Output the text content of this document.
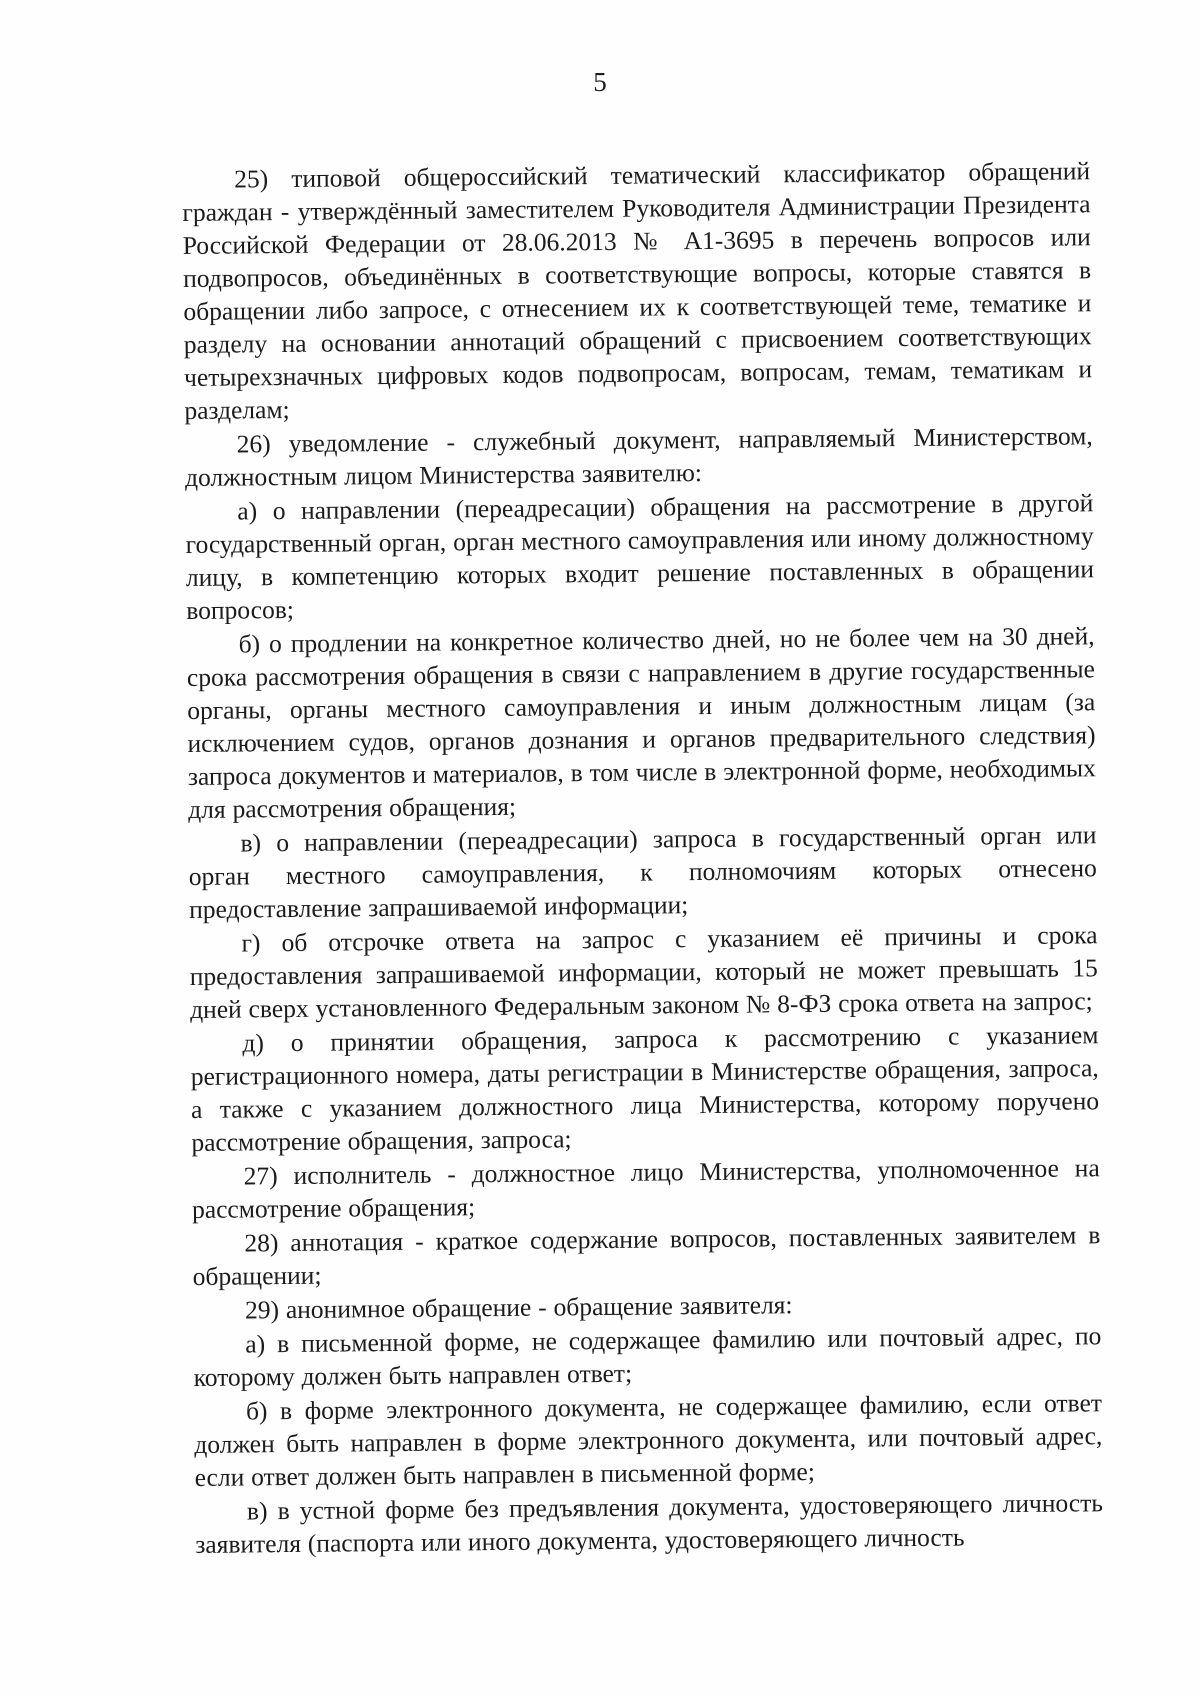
5

25) типовой общероссийский тематический классификатор обращений граждан - утверждённый заместителем Руководителя Администрации Президента Российской Федерации от 28.06.2013 № А1-3695 в перечень вопросов или подвопросов, объединённых в соответствующие вопросы, которые ставятся в обращении либо запросе, с отнесением их к соответствующей теме, тематике и разделу на основании аннотаций обращений с присвоением соответствующих четырехзначных цифровых кодов подвопросам, вопросам, темам, тематикам и разделам;

26) уведомление - служебный документ, направляемый Министерством, должностным лицом Министерства заявителю:

а) о направлении (переадресации) обращения на рассмотрение в другой государственный орган, орган местного самоуправления или иному должностному лицу, в компетенцию которых входит решение поставленных в обращении вопросов;

б) о продлении на конкретное количество дней, но не более чем на 30 дней, срока рассмотрения обращения в связи с направлением в другие государственные органы, органы местного самоуправления и иным должностным лицам (за исключением судов, органов дознания и органов предварительного следствия) запроса документов и материалов, в том числе в электронной форме, необходимых для рассмотрения обращения;

в) о направлении (переадресации) запроса в государственный орган или орган местного самоуправления, к полномочиям которых отнесено предоставление запрашиваемой информации;

г) об отсрочке ответа на запрос с указанием её причины и срока предоставления запрашиваемой информации, который не может превышать 15 дней сверх установленного Федеральным законом № 8-ФЗ срока ответа на запрос;

д) о принятии обращения, запроса к рассмотрению с указанием регистрационного номера, даты регистрации в Министерстве обращения, запроса, а также с указанием должностного лица Министерства, которому поручено рассмотрение обращения, запроса;

27) исполнитель - должностное лицо Министерства, уполномоченное на рассмотрение обращения;

28) аннотация - краткое содержание вопросов, поставленных заявителем в обращении;

29) анонимное обращение - обращение заявителя:

а) в письменной форме, не содержащее фамилию или почтовый адрес, по которому должен быть направлен ответ;

б) в форме электронного документа, не содержащее фамилию, если ответ должен быть направлен в форме электронного документа, или почтовый адрес, если ответ должен быть направлен в письменной форме;

в) в устной форме без предъявления документа, удостоверяющего личность заявителя (паспорта или иного документа, удостоверяющего личность
